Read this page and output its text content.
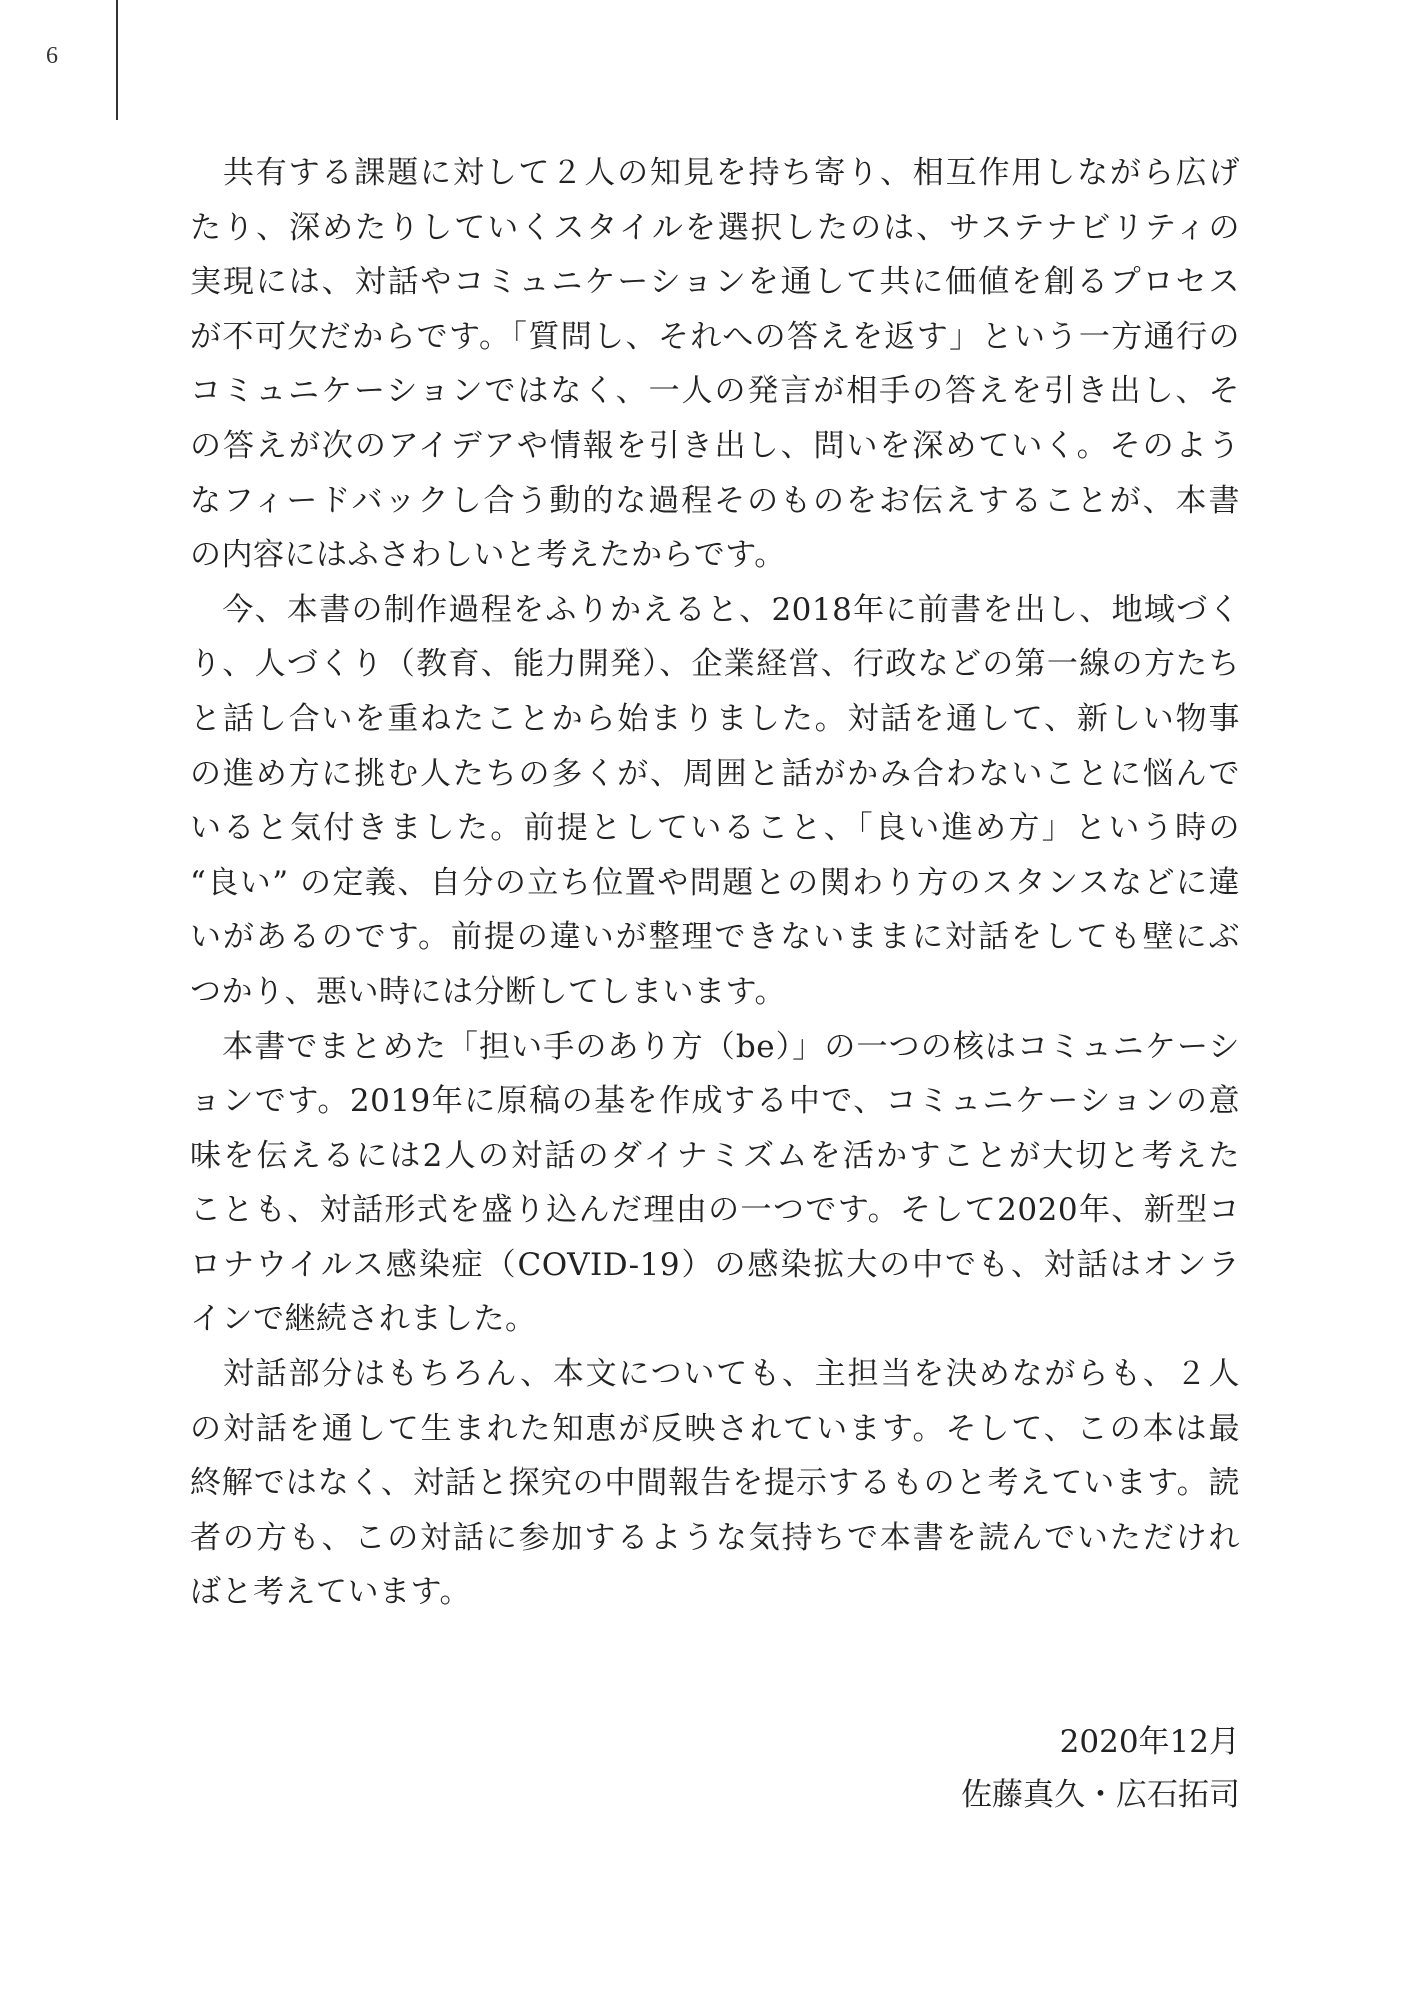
6
　共有する課題に対して２人の知見を持ち寄り、相互作用しながら広げ
たり、深めたりしていくスタイルを選択したのは、サステナビリティの
実現には、対話やコミュニケーションを通して共に価値を創るプロセス
が不可欠だからです。「質問し、それへの答えを返す」という一方通行の
コミュニケーションではなく、一人の発言が相手の答えを引き出し、そ
の答えが次のアイデアや情報を引き出し、問いを深めていく。そのよう
なフィードバックし合う動的な過程そのものをお伝えすることが、本書
の内容にはふさわしいと考えたからです。
　今、本書の制作過程をふりかえると、2018年に前書を出し、地域づく
り、人づくり（教育、能力開発）、企業経営、行政などの第一線の方たち
と話し合いを重ねたことから始まりました。対話を通して、新しい物事
の進め方に挑む人たちの多くが、周囲と話がかみ合わないことに悩んで
いると気付きました。前提としていること、「良い進め方」という時の
“良い” の定義、自分の立ち位置や問題との関わり方のスタンスなどに違
いがあるのです。前提の違いが整理できないままに対話をしても壁にぶ
つかり、悪い時には分断してしまいます。
　本書でまとめた「担い手のあり方（be）」の一つの核はコミュニケーシ
ョンです。2019年に原稿の基を作成する中で、コミュニケーションの意
味を伝えるには2人の対話のダイナミズムを活かすことが大切と考えた
ことも、対話形式を盛り込んだ理由の一つです。そして2020年、新型コ
ロナウイルス感染症（COVID-19）の感染拡大の中でも、対話はオンラ
インで継続されました。
　対話部分はもちろん、本文についても、主担当を決めながらも、２人
の対話を通して生まれた知恵が反映されています。そして、この本は最
終解ではなく、対話と探究の中間報告を提示するものと考えています。読
者の方も、この対話に参加するような気持ちで本書を読んでいただけれ
ばと考えています。
2020年12月
佐藤真久・広石拓司
